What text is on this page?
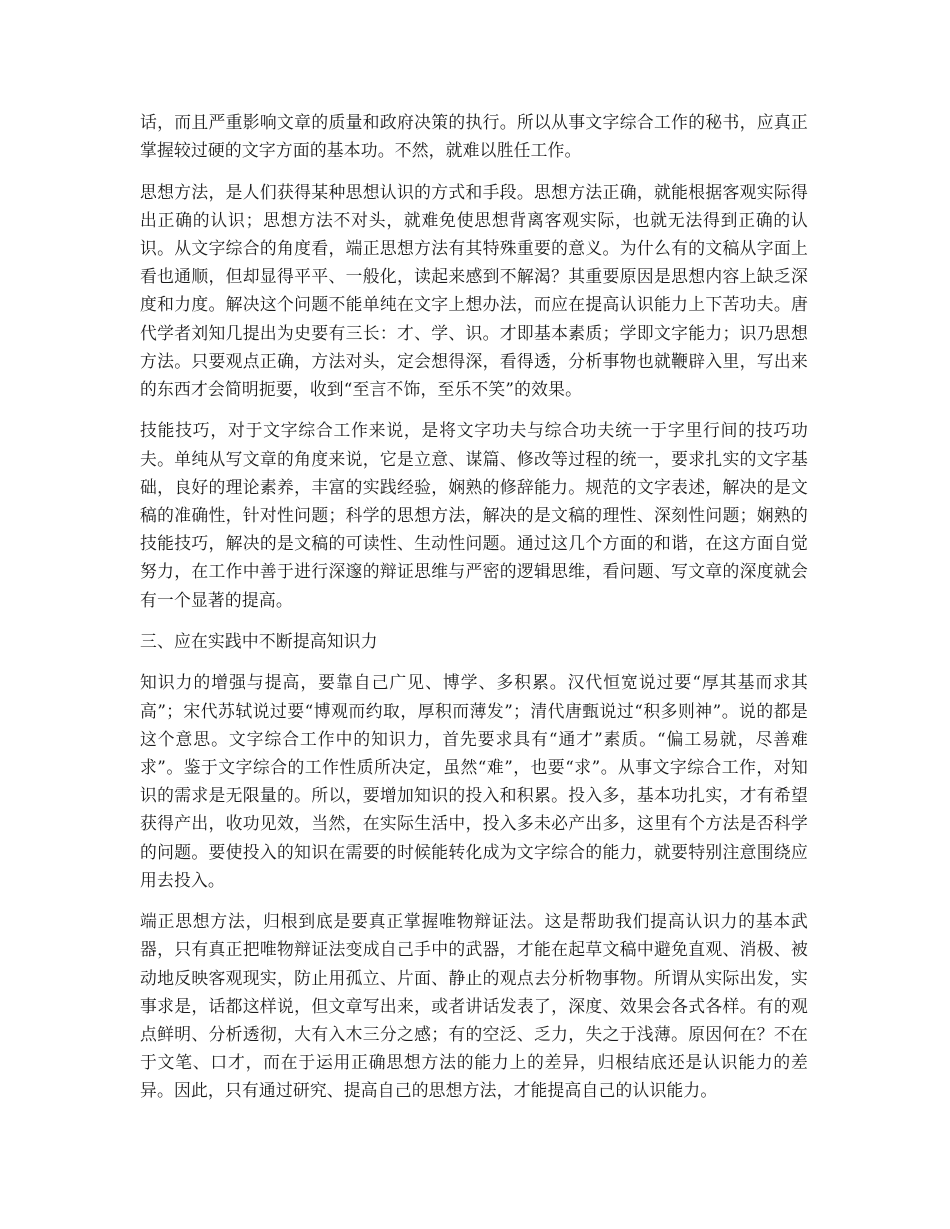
话，而且严重影响文章的质量和政府决策的执行。所以从事文字综合工作的秘书，应真正掌握较过硬的文字方面的基本功。不然，就难以胜任工作。

思想方法，是人们获得某种思想认识的方式和手段。思想方法正确，就能根据客观实际得出正确的认识；思想方法不对头，就难免使思想背离客观实际，也就无法得到正确的认识。从文字综合的角度看，端正思想方法有其特殊重要的意义。为什么有的文稿从字面上看也通顺，但却显得平平、一般化，读起来感到不解渴？其重要原因是思想内容上缺乏深度和力度。解决这个问题不能单纯在文字上想办法，而应在提高认识能力上下苦功夫。唐代学者刘知几提出为史要有三长：才、学、识。才即基本素质；学即文字能力；识乃思想方法。只要观点正确，方法对头，定会想得深，看得透，分析事物也就鞭辟入里，写出来的东西才会简明扼要，收到“至言不饰，至乐不笑”的效果。

技能技巧，对于文字综合工作来说，是将文字功夫与综合功夫统一于字里行间的技巧功夫。单纯从写文章的角度来说，它是立意、谋篇、修改等过程的统一，要求扎实的文字基础，良好的理论素养，丰富的实践经验，娴熟的修辞能力。规范的文字表述，解决的是文稿的准确性，针对性问题；科学的思想方法，解决的是文稿的理性、深刻性问题；娴熟的技能技巧，解决的是文稿的可读性、生动性问题。通过这几个方面的和谐，在这方面自觉努力，在工作中善于进行深邃的辩证思维与严密的逻辑思维，看问题、写文章的深度就会有一个显著的提高。

三、应在实践中不断提高知识力

知识力的增强与提高，要靠自己广见、博学、多积累。汉代恒宽说过要“厚其基而求其高”；宋代苏轼说过要“博观而约取，厚积而薄发”；清代唐甄说过“积多则神”。说的都是这个意思。文字综合工作中的知识力，首先要求具有“通才”素质。“偏工易就，尽善难求”。鉴于文字综合的工作性质所决定，虽然“难”，也要“求”。从事文字综合工作，对知识的需求是无限量的。所以，要增加知识的投入和积累。投入多，基本功扎实，才有希望获得产出，收功见效，当然，在实际生活中，投入多未必产出多，这里有个方法是否科学的问题。要使投入的知识在需要的时候能转化成为文字综合的能力，就要特别注意围绕应用去投入。

端正思想方法，归根到底是要真正掌握唯物辩证法。这是帮助我们提高认识力的基本武器，只有真正把唯物辩证法变成自己手中的武器，才能在起草文稿中避免直观、消极、被动地反映客观现实，防止用孤立、片面、静止的观点去分析物事物。所谓从实际出发，实事求是，话都这样说，但文章写出来，或者讲话发表了，深度、效果会各式各样。有的观点鲜明、分析透彻，大有入木三分之感；有的空泛、乏力，失之于浅薄。原因何在？不在于文笔、口才，而在于运用正确思想方法的能力上的差异，归根结底还是认识能力的差异。因此，只有通过研究、提高自己的思想方法，才能提高自己的认识能力。
